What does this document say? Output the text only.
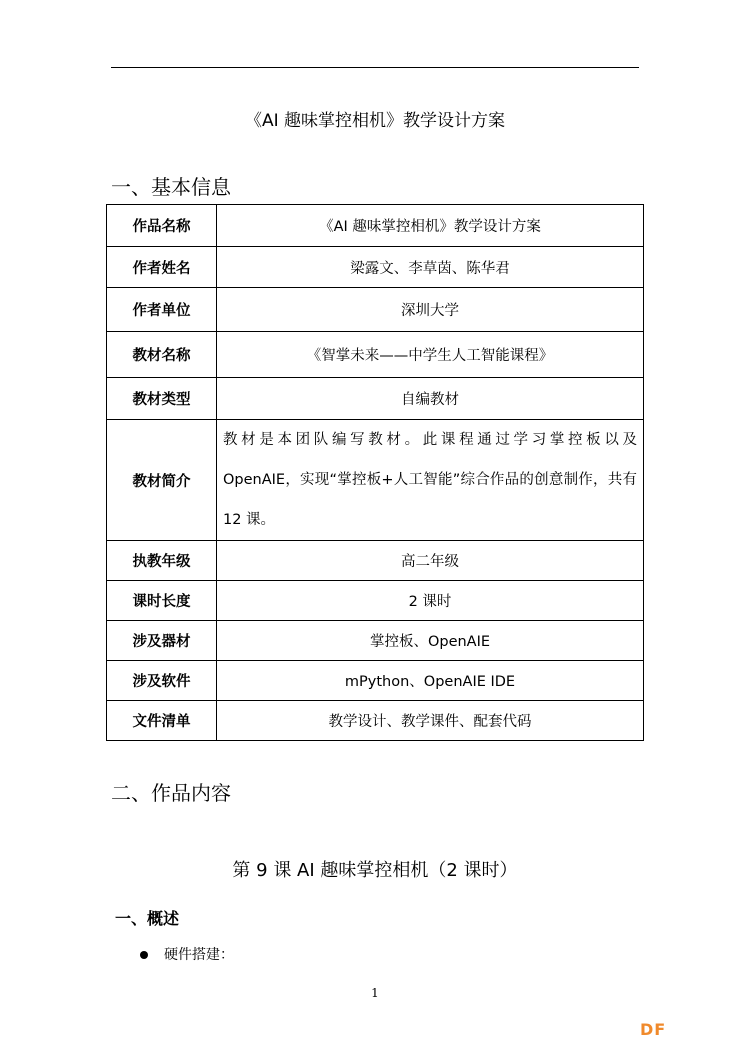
《AI 趣味掌控相机》教学设计方案
一、基本信息
作品名称	《AI 趣味掌控相机》教学设计方案
作者姓名	梁露文、李草茵、陈华君
作者单位	深圳大学
教材名称	《智掌未来——中学生人工智能课程》
教材类型	自编教材
教材简介	教材是本团队编写教材。此课程通过学习掌控板以及 OpenAIE，实现“掌控板+人工智能”综合作品的创意制作，共有 12 课。
执教年级	高二年级
课时长度	2 课时
涉及器材	掌控板、OpenAIE
涉及软件	mPython、OpenAIE IDE
文件清单	教学设计、教学课件、配套代码
二、作品内容
第 9 课 AI 趣味掌控相机（2 课时）
一、概述
硬件搭建：
1
DF
